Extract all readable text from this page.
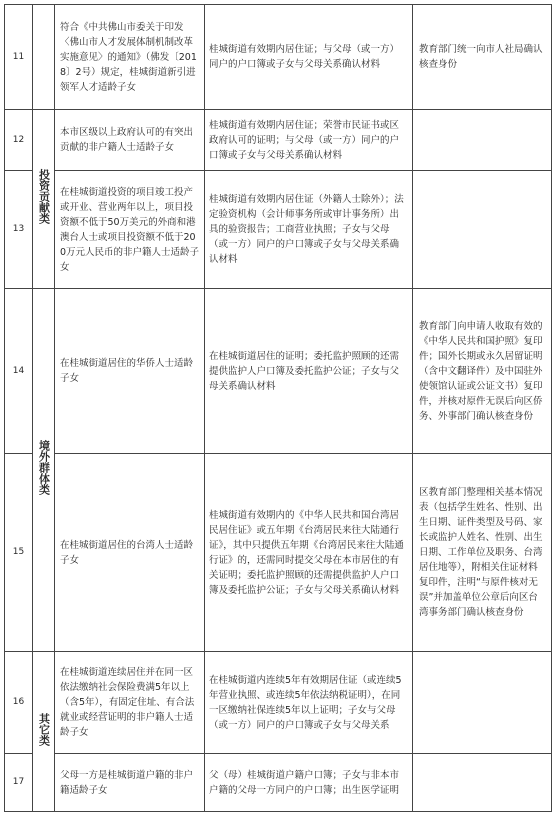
11		符合《中共佛山市委关于印发〈佛山市人才发展体制机制改革实施意见〉的通知》（佛发〔2018〕2号）规定，桂城街道新引进领军人才适龄子女	桂城街道有效期内居住证；与父母（或一方）同户的户口簿或子女与父母关系确认材料	教育部门统一向市人社局确认核查身份
12	投资贡献类	本市区级以上政府认可的有突出贡献的非户籍人士适龄子女	桂城街道有效期内居住证；荣誉市民证书或区政府认可的证明；与父母（或一方）同户的户口簿或子女与父母关系确认材料	
13		在桂城街道投资的项目竣工投产或开业、营业两年以上，项目投资额不低于50万美元的外商和港澳台人士或项目投资额不低于200万元人民币的非户籍人士适龄子女	桂城街道有效期内居住证（外籍人士除外）；法定验资机构（会计师事务所或审计事务所）出具的验资报告；工商营业执照；子女与父母（或一方）同户的户口簿或子女与父母关系确认材料	
14	境外群体类	在桂城街道居住的华侨人士适龄子女	在桂城街道居住的证明；委托监护照顾的还需提供监护人户口簿及委托监护公证；子女与父母关系确认材料	教育部门向申请人收取有效的《中华人民共和国护照》复印件；国外长期或永久居留证明（含中文翻译件）及中国驻外使领馆认证或公证文书）复印件，并核对原件无误后向区侨务、外事部门确认核查身份
15		在桂城街道居住的台湾人士适龄子女	桂城街道有效期内的《中华人民共和国台湾居民居住证》或五年期《台湾居民来往大陆通行证》，其中只提供五年期《台湾居民来往大陆通行证》的，还需同时提交父母在本市居住的有关证明；委托监护照顾的还需提供监护人户口簿及委托监护公证；子女与父母关系确认材料	区教育部门整理相关基本情况表（包括学生姓名、性别、出生日期、证件类型及号码、家长或监护人姓名、性别、出生日期、工作单位及职务、台湾居住地等），附相关住证材料复印件，注明“与原件核对无误”并加盖单位公章后向区台湾事务部门确认核查身份
16	其它类	在桂城街道连续居住并在同一区依法缴纳社会保险费满5年以上（含5年），有固定住址、有合法就业或经营证明的非户籍人士适龄子女	在桂城街道内连续5年有效期居住证（或连续5年营业执照、或连续5年依法纳税证明），在同一区缴纳社保连续5年以上证明；子女与父母（或一方）同户的户口簿或子女与父母关系	
17		父母一方是桂城街道户籍的非户籍适龄子女	父（母）桂城街道户籍户口簿；子女与非本市户籍的父母一方同户的户口簿；出生医学证明	
